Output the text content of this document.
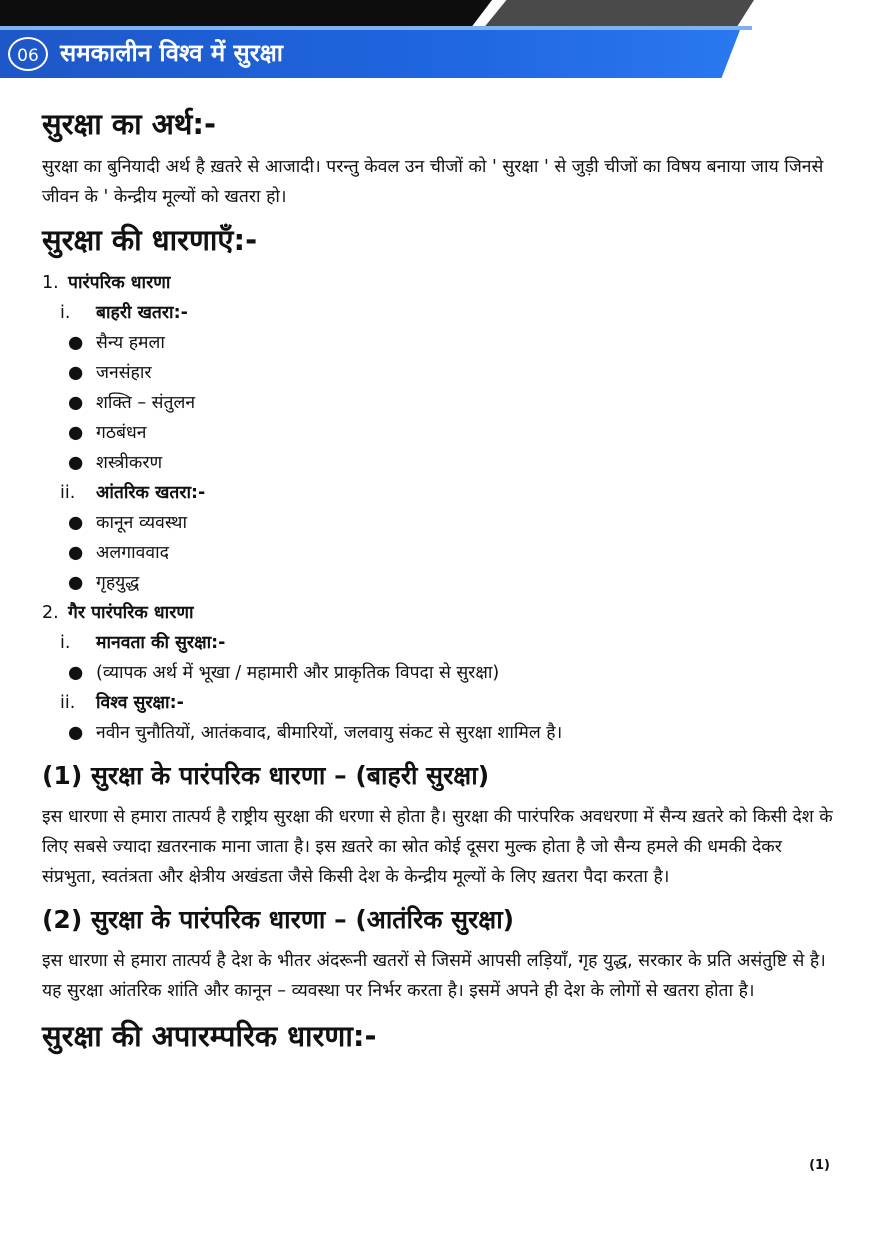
06 समकालीन विश्व में सुरक्षा
सुरक्षा का अर्थ:-
सुरक्षा का बुनियादी अर्थ है ख़तरे से आजादी। परन्तु केवल उन चीजों को ' सुरक्षा ' से जुड़ी चीजों का विषय बनाया जाय जिनसे जीवन के ' केन्द्रीय मूल्यों को खतरा हो।
सुरक्षा की धारणाएँ:-
1. पारंपरिक धारणा
i.	बाहरी खतरा:-
● सैन्य हमला
● जनसंहार
● शक्ति – संतुलन
● गठबंधन
● शस्त्रीकरण
ii.	आंतरिक खतरा:-
● कानून व्यवस्था
● अलगाववाद
● गृहयुद्ध
2. गैर पारंपरिक धारणा
i.	मानवता की सुरक्षा:-
● (व्यापक अर्थ में भूखा / महामारी और प्राकृतिक विपदा से सुरक्षा)
ii.	विश्व सुरक्षा:-
● नवीन चुनौतियों, आतंकवाद, बीमारियों, जलवायु संकट से सुरक्षा शामिल है।
(1) सुरक्षा के पारंपरिक धारणा – (बाहरी सुरक्षा)
इस धारणा से हमारा तात्पर्य है राष्ट्रीय सुरक्षा की धरणा से होता है। सुरक्षा की पारंपरिक अवधरणा में सैन्य ख़तरे को किसी देश के लिए सबसे ज्यादा ख़तरनाक माना जाता है। इस ख़तरे का स्रोत कोई दूसरा मुल्क होता है जो सैन्य हमले की धमकी देकर संप्रभुता, स्वतंत्रता और क्षेत्रीय अखंडता जैसे किसी देश के केन्द्रीय मूल्यों के लिए ख़तरा पैदा करता है।
(2) सुरक्षा के पारंपरिक धारणा – (आतंरिक सुरक्षा)
इस धारणा से हमारा तात्पर्य है देश के भीतर अंदरूनी खतरों से जिसमें आपसी लड़ियाँ, गृह युद्ध, सरकार के प्रति असंतुष्टि से है। यह सुरक्षा आंतरिक शांति और कानून – व्यवस्था पर निर्भर करता है। इसमें अपने ही देश के लोगों से खतरा होता है।
सुरक्षा की अपारम्परिक धारणा:-
(1)
